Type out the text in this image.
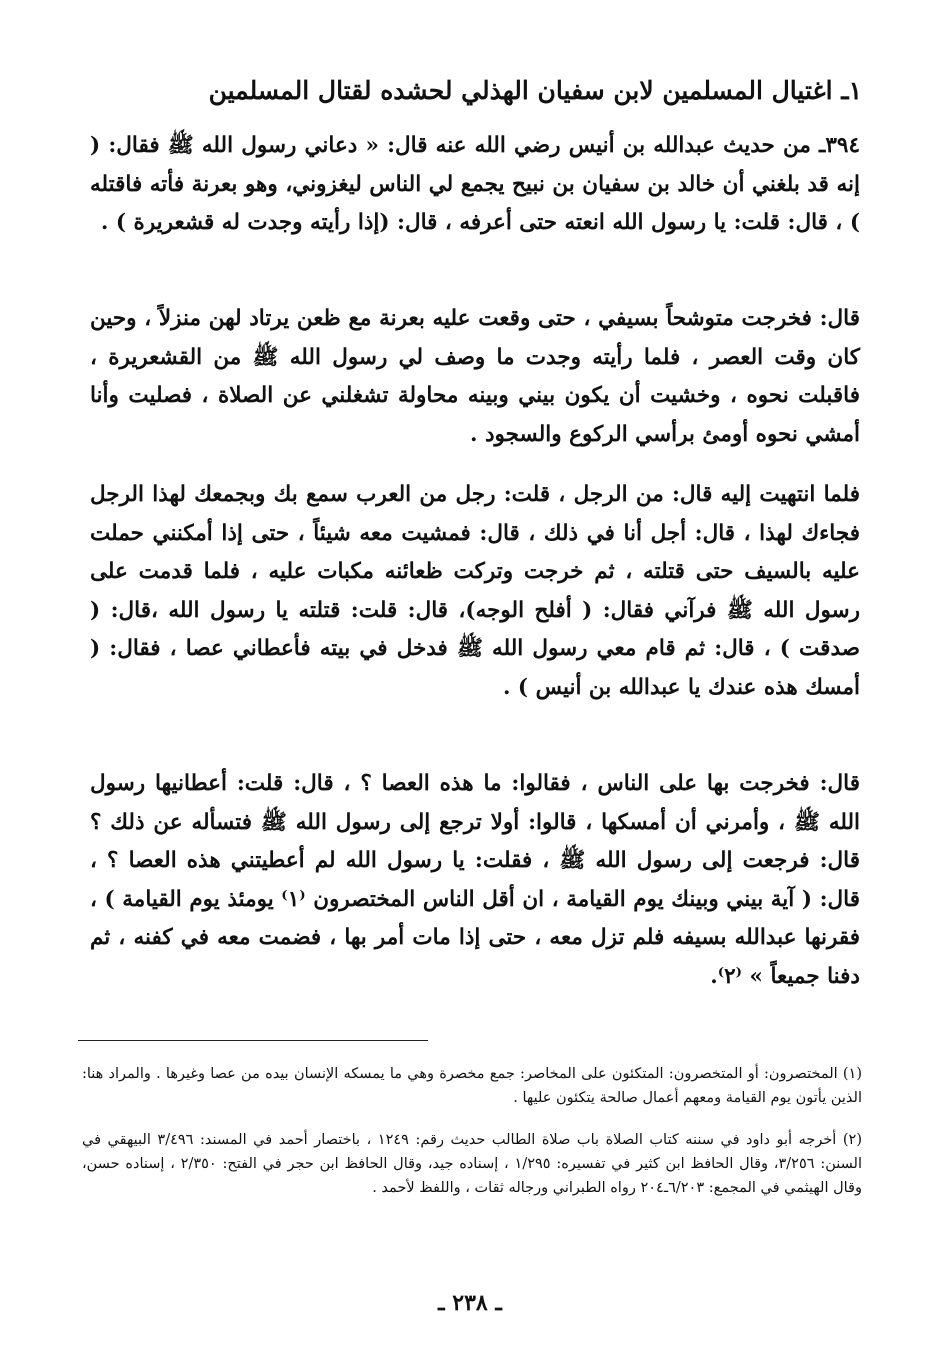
١ـ اغتيال المسلمين لابن سفيان الهذلي لحشده لقتال المسلمين

٣٩٤ـ من حديث عبدالله بن أنيس رضي الله عنه قال: « دعاني رسول الله ﷺ فقال: ( إنه قد بلغني أن خالد بن سفيان بن نبيح يجمع لي الناس ليغزوني، وهو بعرنة فأته فاقتله ) ، قال: قلت: يا رسول الله انعته حتى أعرفه ، قال: (إذا رأيته وجدت له قشعريرة ) .

قال: فخرجت متوشحاً بسيفي ، حتى وقعت عليه بعرنة مع ظعن يرتاد لهن منزلاً ، وحين كان وقت العصر ، فلما رأيته وجدت ما وصف لي رسول الله ﷺ من القشعريرة ، فاقبلت نحوه ، وخشيت أن يكون بيني وبينه محاولة تشغلني عن الصلاة ، فصليت وأنا أمشي نحوه أومئ برأسي الركوع والسجود .

فلما انتهيت إليه قال: من الرجل ، قلت: رجل من العرب سمع بك وبجمعك لهذا الرجل فجاءك لهذا ، قال: أجل أنا في ذلك ، قال: فمشيت معه شيئاً ، حتى إذا أمكنني حملت عليه بالسيف حتى قتلته ، ثم خرجت وتركت ظعائنه مكبات عليه ، فلما قدمت على رسول الله ﷺ فرآني فقال: ( أفلح الوجه)، قال: قلت: قتلته يا رسول الله ،قال: ( صدقت ) ، قال: ثم قام معي رسول الله ﷺ فدخل في بيته فأعطاني عصا ، فقال: ( أمسك هذه عندك يا عبدالله بن أنيس ) .

قال: فخرجت بها على الناس ، فقالوا: ما هذه العصا ؟ ، قال: قلت: أعطانيها رسول الله ﷺ ، وأمرني أن أمسكها ، قالوا: أولا ترجع إلى رسول الله ﷺ فتسأله عن ذلك ؟ قال: فرجعت إلى رسول الله ﷺ ، فقلت: يا رسول الله لم أعطيتني هذه العصا ؟ ، قال: ( آية بيني وبينك يوم القيامة ، ان أقل الناس المختصرون ⁽١⁾ يومئذ يوم القيامة ) ، فقرنها عبدالله بسيفه فلم تزل معه ، حتى إذا مات أمر بها ، فضمت معه في كفنه ، ثم دفنا جميعاً » ⁽٢⁾.

(١) المختصرون: أو المتخصرون: المتكئون على المخاصر: جمع مخصرة وهي ما يمسكه الإنسان بيده من عصا وغيرها . والمراد هنا: الذين يأتون يوم القيامة ومعهم أعمال صالحة يتكئون عليها .

(٢) أخرجه أبو داود في سننه كتاب الصلاة باب صلاة الطالب حديث رقم: ١٢٤٩ ، باختصار أحمد في المسند: ٣/٤٩٦ البيهقي في السنن: ٣/٢٥٦، وقال الحافظ ابن كثير في تفسيره: ١/٢٩٥ ، إسناده جيد، وقال الحافظ ابن حجر في الفتح: ٢/٣٥٠ ، إسناده حسن، وقال الهيثمي في المجمع: ٦/٢٠٣ـ٢٠٤ رواه الطبراني ورجاله ثقات ، واللفظ لأحمد .

ـ ٢٣٨ ـ
